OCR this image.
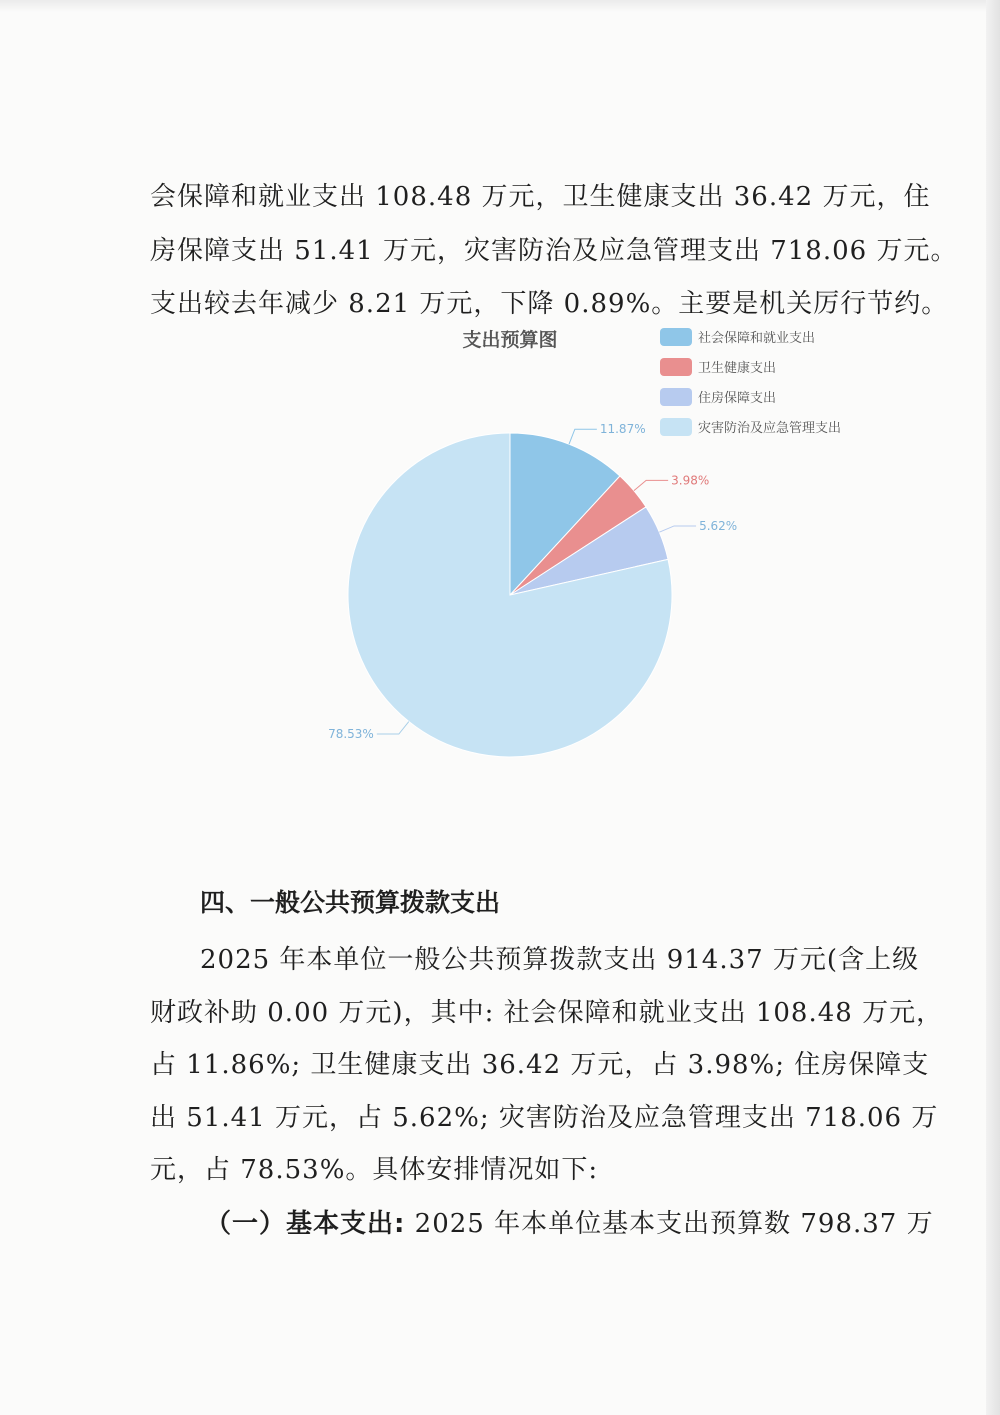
会保障和就业支出 108.48 万元，卫生健康支出 36.42 万元，住

房保障支出 51.41 万元，灾害防治及应急管理支出 718.06 万元。

支出较去年减少 8.21 万元，下降 0.89%。主要是机关厉行节约。

支出预算图
11.87%
3.98%
5.62%
78.53%
社会保障和就业支出
卫生健康支出
住房保障支出
灾害防治及应急管理支出
四、一般公共预算拨款支出

2025 年本单位一般公共预算拨款支出 914.37 万元(含上级

财政补助 0.00 万元)，其中: 社会保障和就业支出 108.48 万元，

占 11.86%; 卫生健康支出 36.42 万元，占 3.98%; 住房保障支

出 51.41 万元，占 5.62%; 灾害防治及应急管理支出 718.06 万

元，占 78.53%。具体安排情况如下:

（一）基本支出: 2025 年本单位基本支出预算数 798.37 万
